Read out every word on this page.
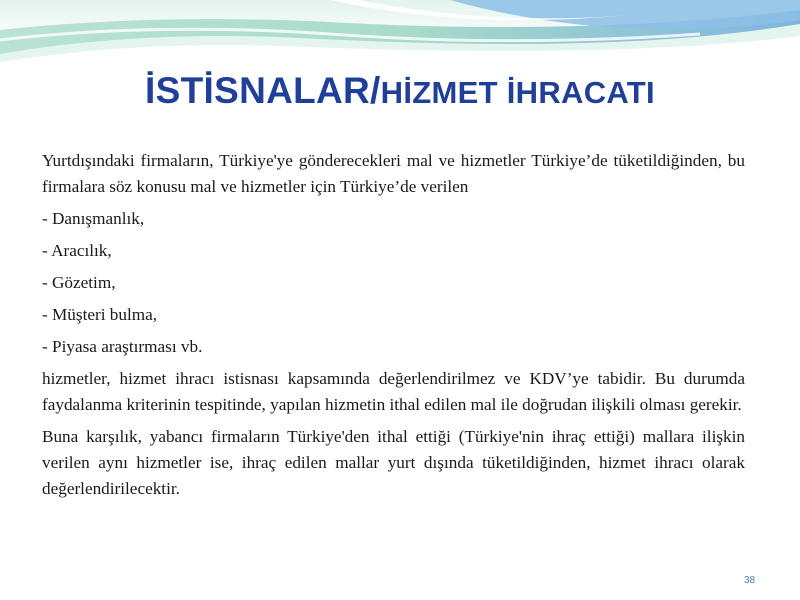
İSTİSNALAR/HİZMET İHRACATI

Yurtdışındaki firmaların, Türkiye'ye gönderecekleri mal ve hizmetler Türkiye’de tüketildiğinden, bu firmalara söz konusu mal ve hizmetler için Türkiye’de verilen

- Danışmanlık,

- Aracılık,

- Gözetim,

- Müşteri bulma,

- Piyasa araştırması vb.

hizmetler, hizmet ihracı istisnası kapsamında değerlendirilmez ve KDV’ye tabidir. Bu durumda faydalanma kriterinin tespitinde, yapılan hizmetin ithal edilen mal ile doğrudan ilişkili olması gerekir.

Buna karşılık, yabancı firmaların Türkiye'den ithal ettiği (Türkiye'nin ihraç ettiği) mallara ilişkin verilen aynı hizmetler ise, ihraç edilen mallar yurt dışında tüketildiğinden, hizmet ihracı olarak değerlendirilecektir.

38
